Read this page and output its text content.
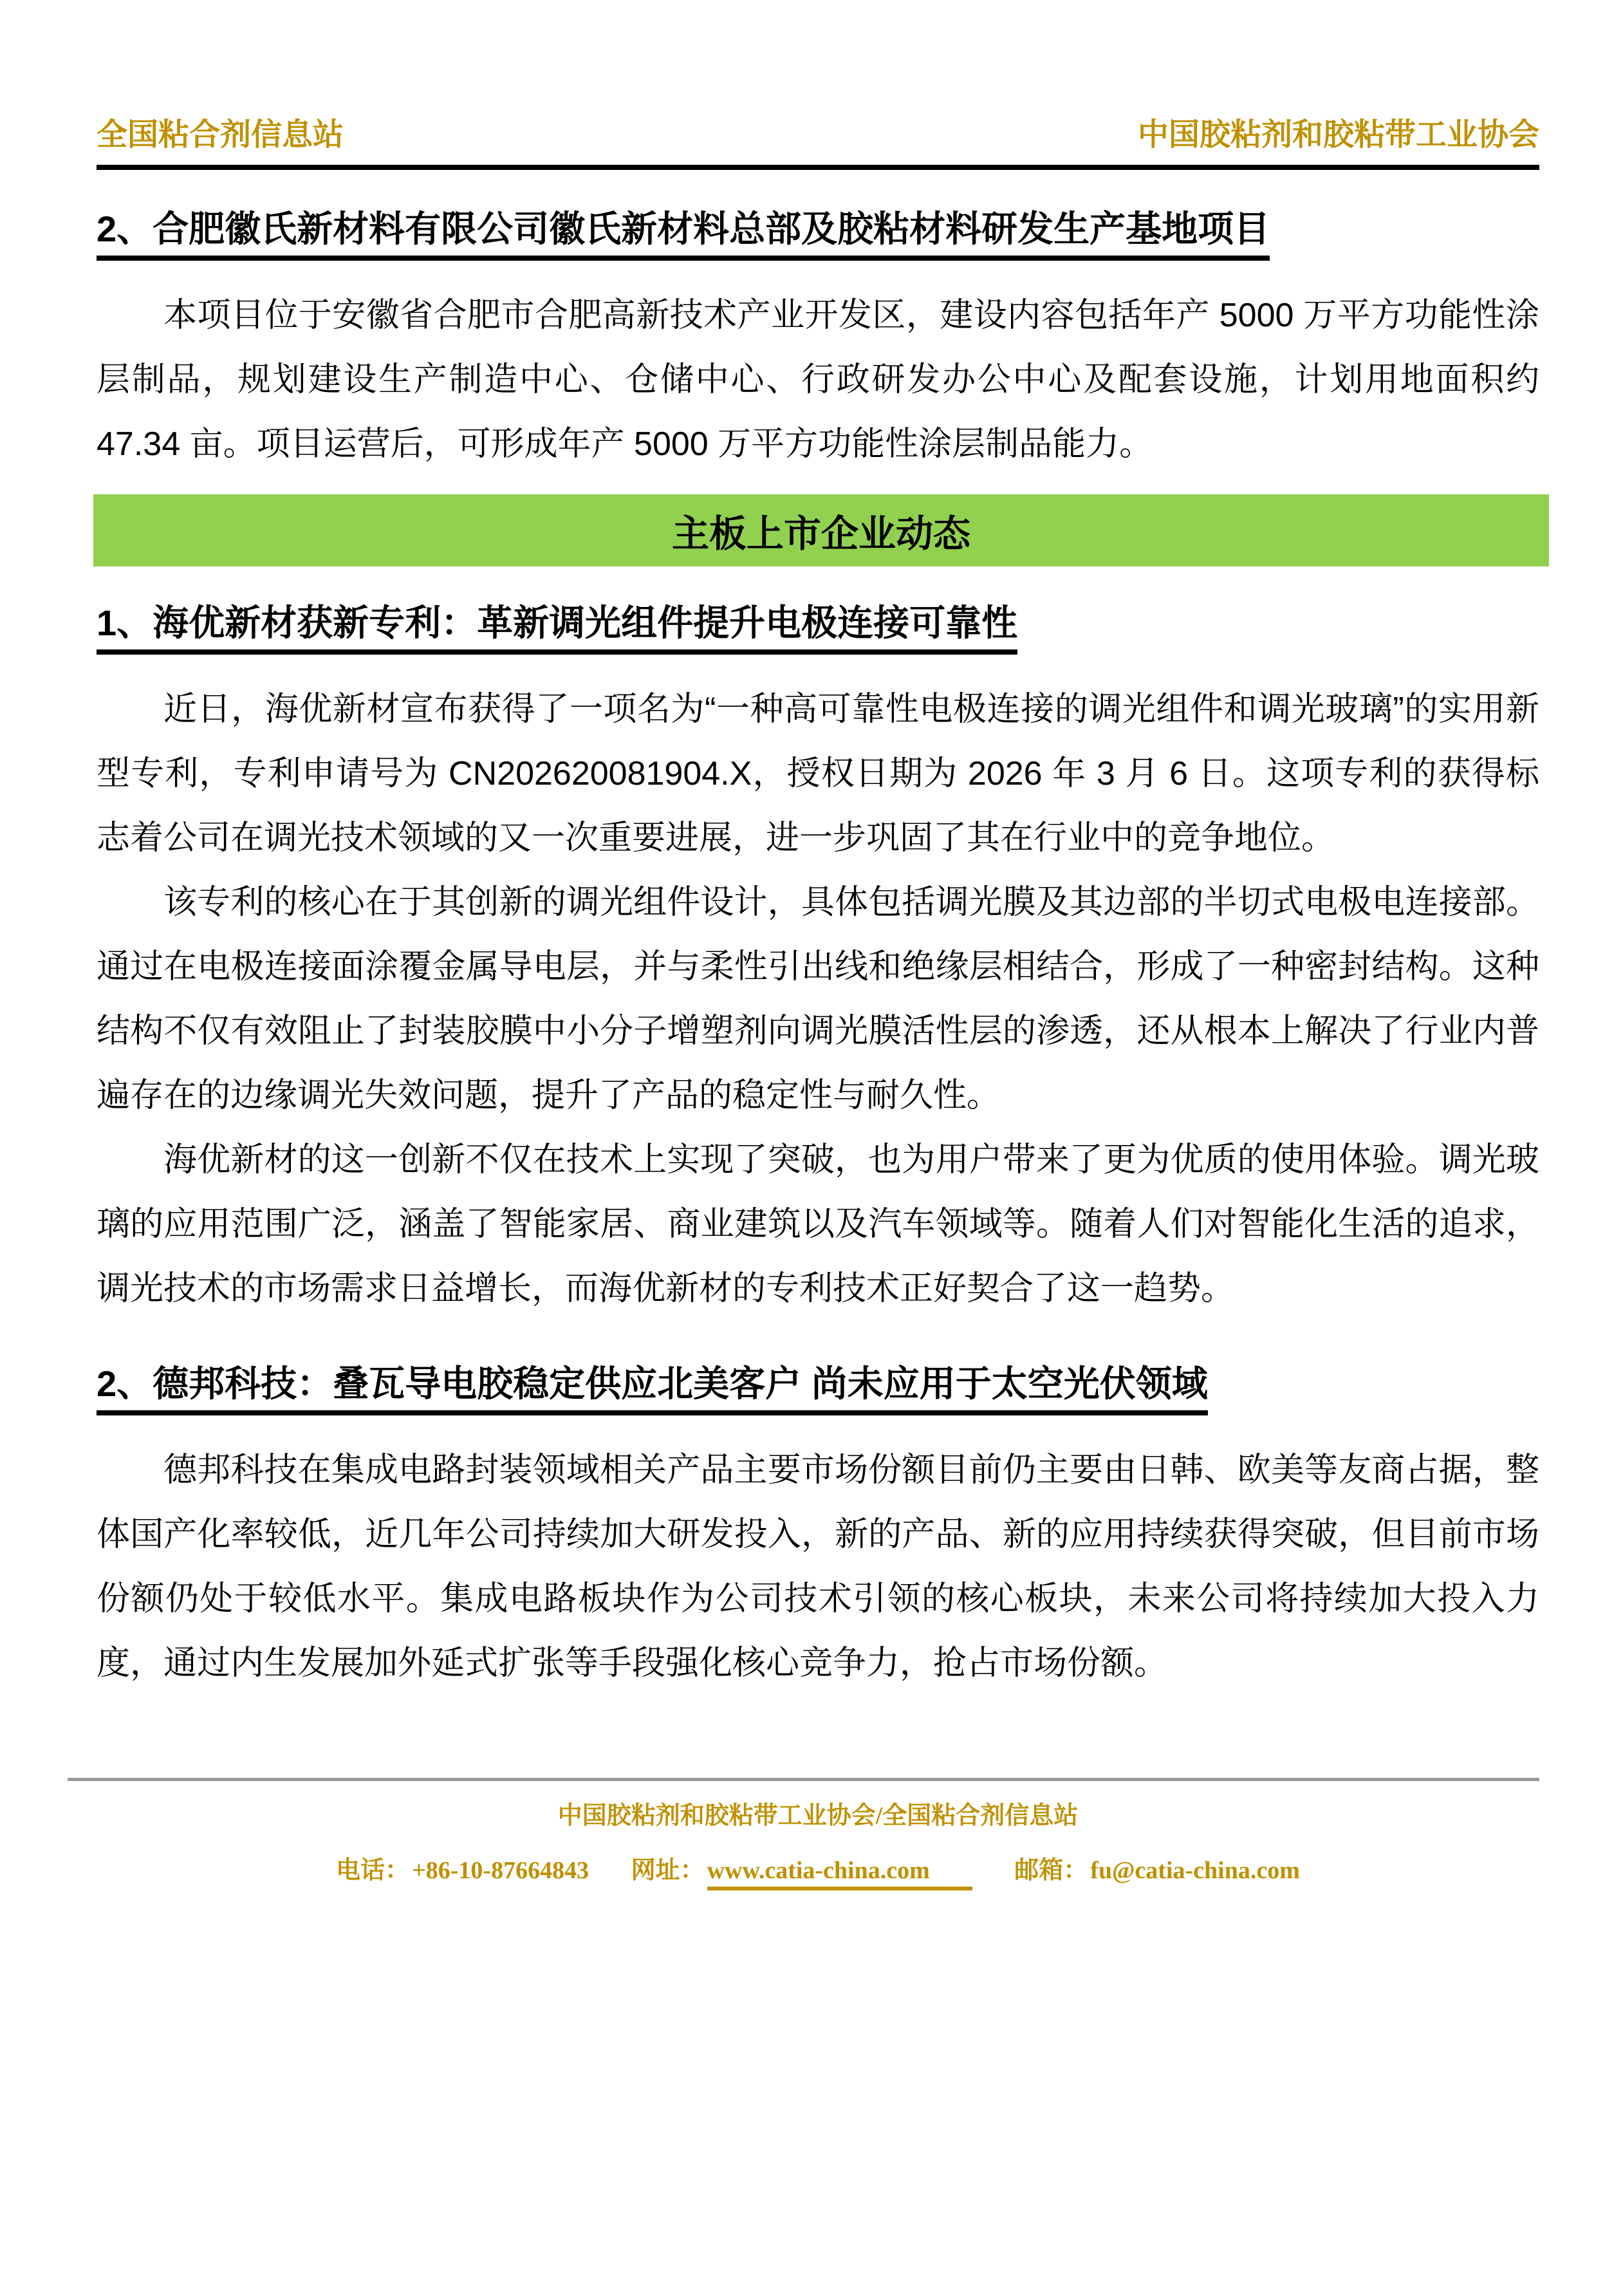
全国粘合剂信息站	中国胶粘剂和胶粘带工业协会
2、合肥徽氏新材料有限公司徽氏新材料总部及胶粘材料研发生产基地项目

本项目位于安徽省合肥市合肥高新技术产业开发区，建设内容包括年产 5000 万平方功能性涂层制品，规划建设生产制造中心、仓储中心、行政研发办公中心及配套设施，计划用地面积约 47.34 亩。项目运营后，可形成年产 5000 万平方功能性涂层制品能力。

主板上市企业动态
1、海优新材获新专利：革新调光组件提升电极连接可靠性

近日，海优新材宣布获得了一项名为“一种高可靠性电极连接的调光组件和调光玻璃”的实用新型专利，专利申请号为 CN202620081904.X，授权日期为 2026 年 3 月 6 日。这项专利的获得标志着公司在调光技术领域的又一次重要进展，进一步巩固了其在行业中的竞争地位。

该专利的核心在于其创新的调光组件设计，具体包括调光膜及其边部的半切式电极电连接部。通过在电极连接面涂覆金属导电层，并与柔性引出线和绝缘层相结合，形成了一种密封结构。这种结构不仅有效阻止了封装胶膜中小分子增塑剂向调光膜活性层的渗透，还从根本上解决了行业内普遍存在的边缘调光失效问题，提升了产品的稳定性与耐久性。

海优新材的这一创新不仅在技术上实现了突破，也为用户带来了更为优质的使用体验。调光玻璃的应用范围广泛，涵盖了智能家居、商业建筑以及汽车领域等。随着人们对智能化生活的追求，调光技术的市场需求日益增长，而海优新材的专利技术正好契合了这一趋势。

2、德邦科技：叠瓦导电胶稳定供应北美客户 尚未应用于太空光伏领域

德邦科技在集成电路封装领域相关产品主要市场份额目前仍主要由日韩、欧美等友商占据，整体国产化率较低，近几年公司持续加大研发投入，新的产品、新的应用持续获得突破，但目前市场份额仍处于较低水平。集成电路板块作为公司技术引领的核心板块，未来公司将持续加大投入力度，通过内生发展加外延式扩张等手段强化核心竞争力，抢占市场份额。

中国胶粘剂和胶粘带工业协会/全国粘合剂信息站
电话： +86-10-87664843 网址： www.catia-china.com	邮箱： fu@catia-china.com
